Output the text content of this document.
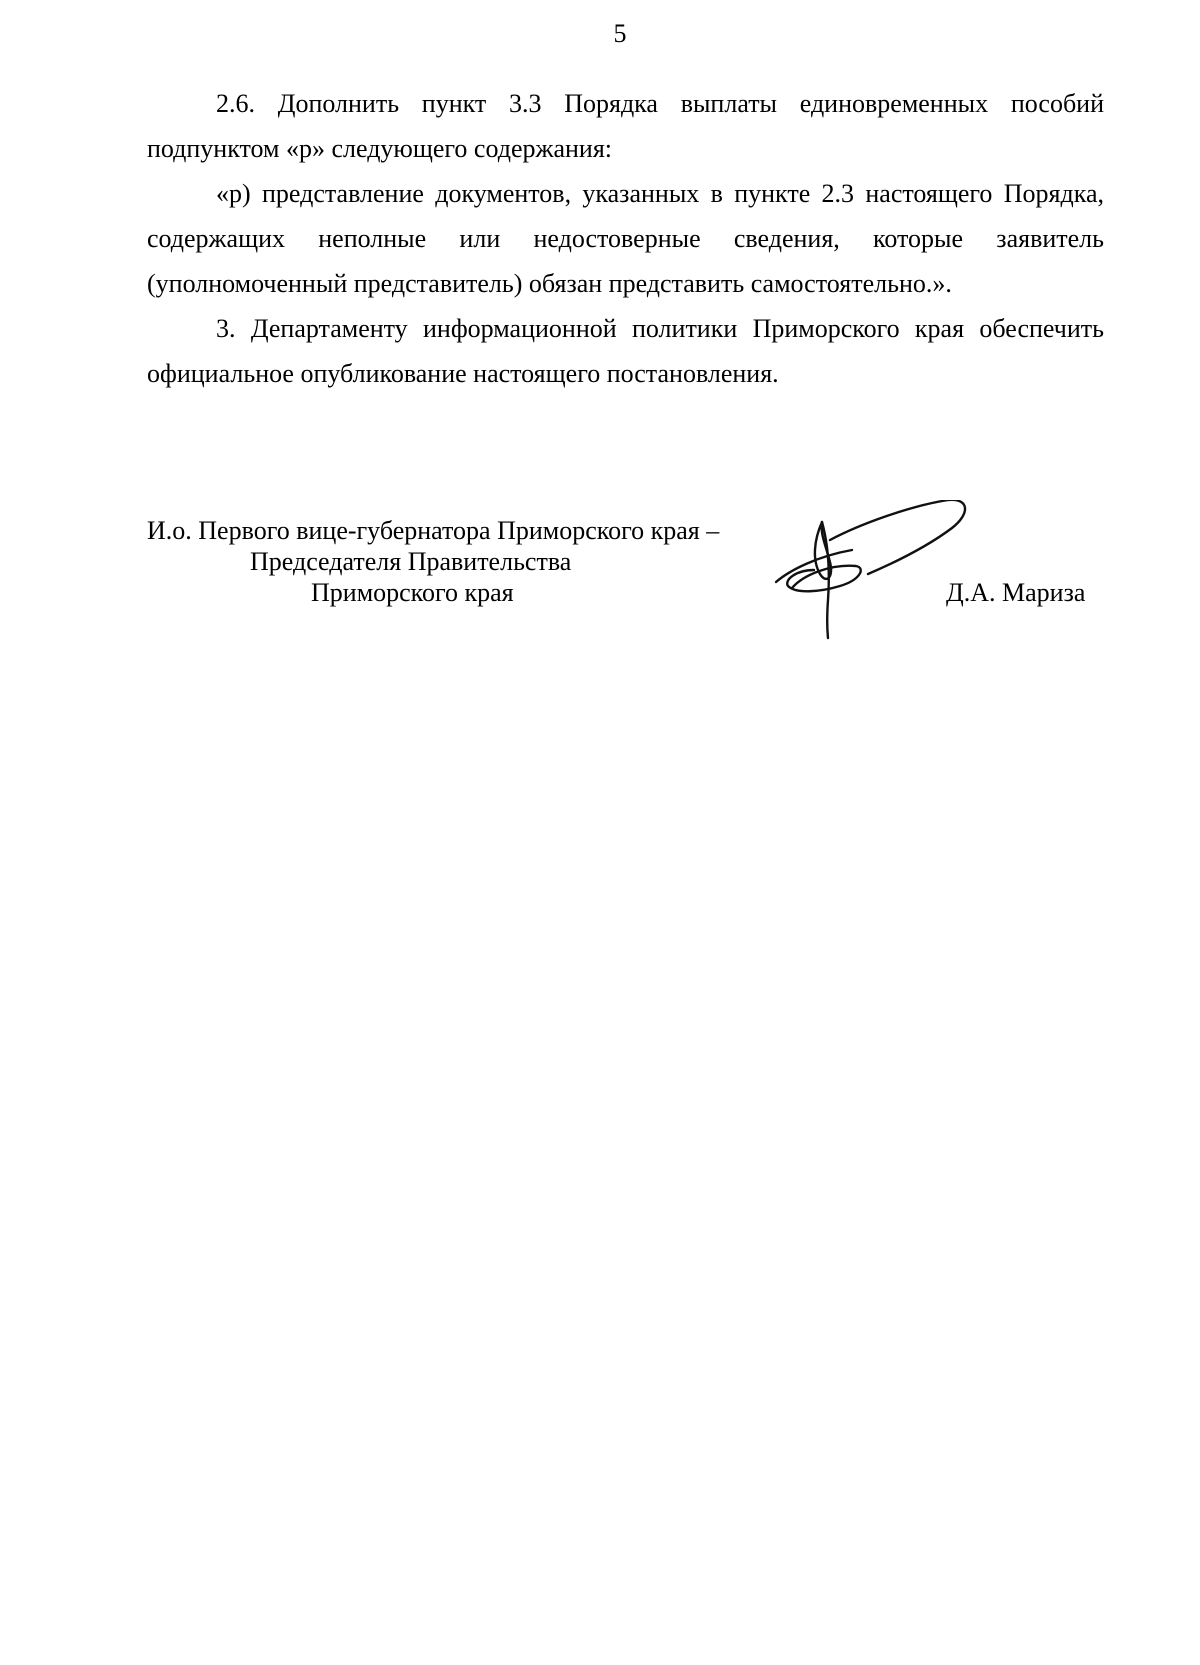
5

2.6. Дополнить пункт 3.3 Порядка выплаты единовременных пособий подпунктом «р» следующего содержания:

«р) представление документов, указанных в пункте 2.3 настоящего Порядка, содержащих неполные или недостоверные сведения, которые заявитель (уполномоченный представитель) обязан представить самостоятельно.».

3. Департаменту информационной политики Приморского края обеспечить официальное опубликование настоящего постановления.

И.о. Первого вице-губернатора Приморского края –
Председателя Правительства
Приморского края	Д.А. Мариза
